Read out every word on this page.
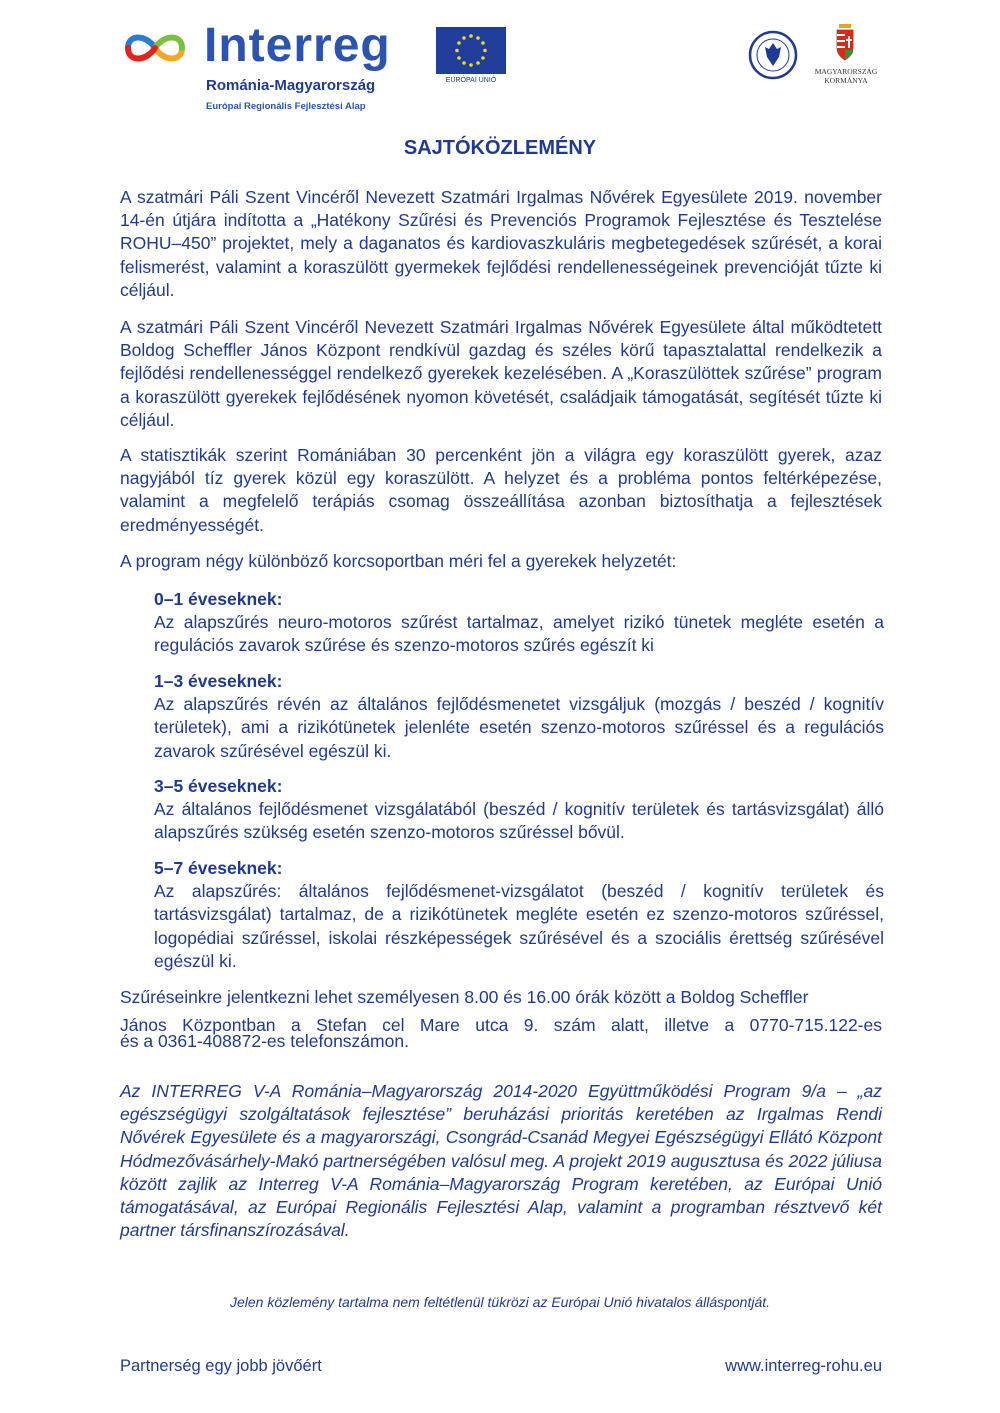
Interreg
Románia-Magyarország
Európai Regionális Fejlesztési Alap
EURÓPAI UNIÓ
MAGYARORSZÁG
KORMÁNYA
SAJTÓKÖZLEMÉNY
A szatmári Páli Szent Vincéről Nevezett Szatmári Irgalmas Nővérek Egyesülete 2019. november 14-én útjára indította a „Hatékony Szűrési és Prevenciós Programok Fejlesztése és Tesztelése ROHU–450” projektet, mely a daganatos és kardiovaszkuláris megbetegedések szűrését, a korai felismerést, valamint a koraszülött gyermekek fejlődési rendellenességeinek prevencióját tűzte ki céljául.
A szatmári Páli Szent Vincéről Nevezett Szatmári Irgalmas Nővérek Egyesülete által működtetett Boldog Scheffler János Központ rendkívül gazdag és széles körű tapasztalattal rendelkezik a fejlődési rendellenességgel rendelkező gyerekek kezelésében. A „Koraszülöttek szűrése” program a koraszülött gyerekek fejlődésének nyomon követését, családjaik támogatását, segítését tűzte ki céljául.
A statisztikák szerint Romániában 30 percenként jön a világra egy koraszülött gyerek, azaz nagyjából tíz gyerek közül egy koraszülött. A helyzet és a probléma pontos feltérképezése, valamint a megfelelő terápiás csomag összeállítása azonban biztosíthatja a fejlesztések eredményességét.
A program négy különböző korcsoportban méri fel a gyerekek helyzetét:
0–1 éveseknek:
Az alapszűrés neuro-motoros szűrést tartalmaz, amelyet rizikó tünetek megléte esetén a regulációs zavarok szűrése és szenzo-motoros szűrés egészít ki
1–3 éveseknek:
Az alapszűrés révén az általános fejlődésmenetet vizsgáljuk (mozgás / beszéd / kognitív területek), ami a rizikótünetek jelenléte esetén szenzo-motoros szűréssel és a regulációs zavarok szűrésével egészül ki.
3–5 éveseknek:
Az általános fejlődésmenet vizsgálatából (beszéd / kognitív területek és tartásvizsgálat) álló alapszűrés szükség esetén szenzo-motoros szűréssel bővül.
5–7 éveseknek:
Az alapszűrés: általános fejlődésmenet-vizsgálatot (beszéd / kognitív területek és tartásvizsgálat) tartalmaz, de a rizikótünetek megléte esetén ez szenzo-motoros szűréssel, logopédiai szűréssel, iskolai részképességek szűrésével és a szociális érettség szűrésével egészül ki.
Szűréseinkre jelentkezni lehet személyesen 8.00 és 16.00 órák között a Boldog Scheffler
János Központban a Stefan cel Mare utca 9. szám alatt, illetve a 0770-715.122-es
és a 0361-408872-es telefonszámon.
Az INTERREG V-A Románia–Magyarország 2014-2020 Együttműködési Program 9/a – „az egészségügyi szolgáltatások fejlesztése” beruházási prioritás keretében az Irgalmas Rendi Nővérek Egyesülete és a magyarországi, Csongrád-Csanád Megyei Egészségügyi Ellátó Központ Hódmezővásárhely-Makó partnerségében valósul meg. A projekt 2019 augusztusa és 2022 júliusa között zajlik az Interreg V-A Románia–Magyarország Program keretében, az Európai Unió támogatásával, az Európai Regionális Fejlesztési Alap, valamint a programban résztvevő két partner társfinanszírozásával.
Jelen közlemény tartalma nem feltétlenül tükrözi az Európai Unió hivatalos álláspontját.
Partnerség egy jobb jövőért	www.interreg-rohu.eu
